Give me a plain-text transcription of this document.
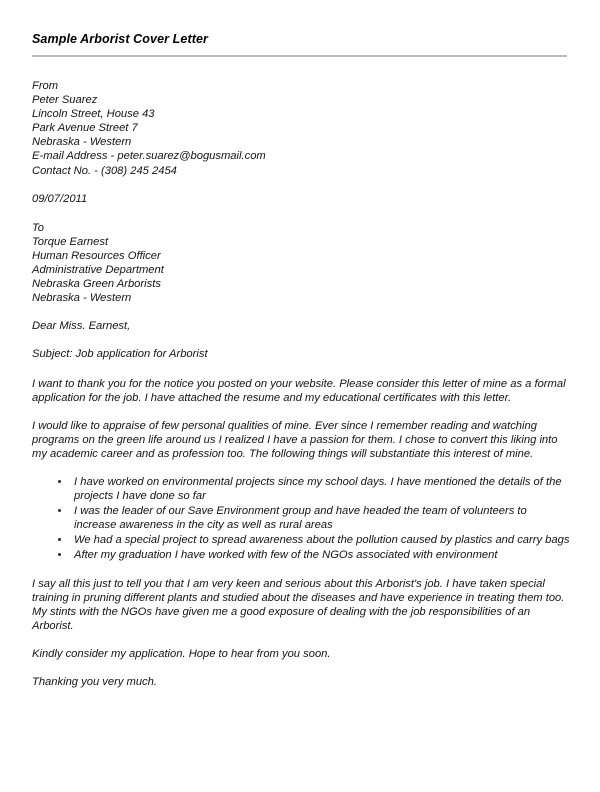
Sample Arborist Cover Letter
From
Peter Suarez
Lincoln Street, House 43
Park Avenue Street 7
Nebraska - Western
E-mail Address - peter.suarez@bogusmail.com
Contact No. - (308) 245 2454
09/07/2011
To
Torque Earnest
Human Resources Officer
Administrative Department
Nebraska Green Arborists
Nebraska - Western
Dear Miss. Earnest,
Subject: Job application for Arborist

I want to thank you for the notice you posted on your website. Please consider this letter of mine as a formal application for the job. I have attached the resume and my educational certificates with this letter.

I would like to appraise of few personal qualities of mine. Ever since I remember reading and watching programs on the green life around us I realized I have a passion for them. I chose to convert this liking into my academic career and as profession too. The following things will substantiate this interest of mine.

I have worked on environmental projects since my school days. I have mentioned the details of the projects I have done so far
I was the leader of our Save Environment group and have headed the team of volunteers to increase awareness in the city as well as rural areas
We had a special project to spread awareness about the pollution caused by plastics and carry bags
After my graduation I have worked with few of the NGOs associated with environment

I say all this just to tell you that I am very keen and serious about this Arborist's job. I have taken special training in pruning different plants and studied about the diseases and have experience in treating them too. My stints with the NGOs have given me a good exposure of dealing with the job responsibilities of an Arborist.

Kindly consider my application. Hope to hear from you soon.

Thanking you very much.
